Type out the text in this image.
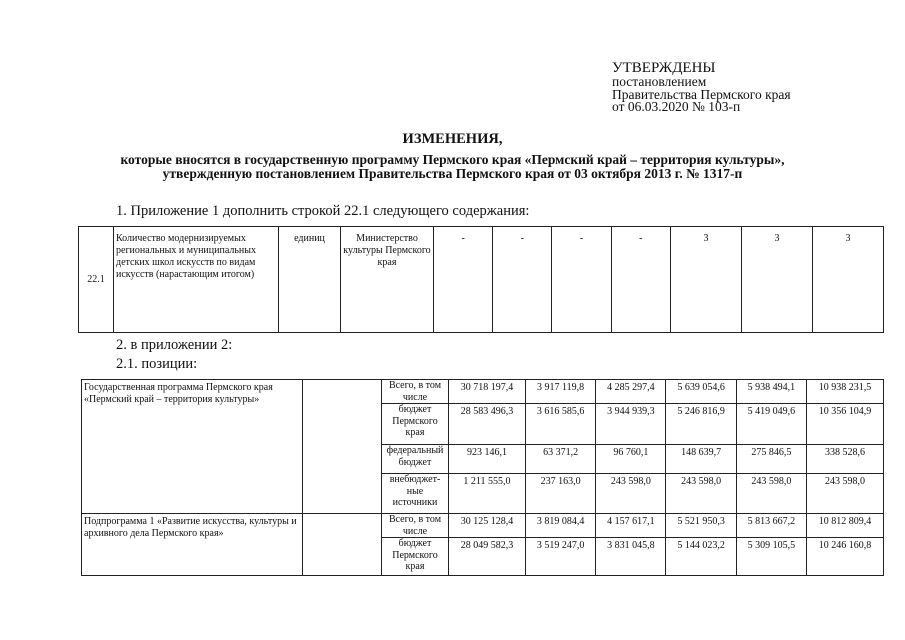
УТВЕРЖДЕНЫ
постановлением
Правительства Пермского края
от 06.03.2020 № 103-п
ИЗМЕНЕНИЯ,
которые вносятся в государственную программу Пермского края «Пермский край – территория культуры»,
утвержденную постановлением Правительства Пермского края от 03 октября 2013 г. № 1317-п
1. Приложение 1 дополнить строкой 22.1 следующего содержания:
22.1	Количество модернизируемых региональных и муниципальных детских школ искусств по видам искусств (нарастающим итогом)	единиц	Министерство культуры Пермского края	-	-	-	-	3	3	3
2. в приложении 2:
2.1. позиции:
Государственная программа Пермского края «Пермский край – территория культуры»		Всего, в том числе	30 718 197,4	3 917 119,8	4 285 297,4	5 639 054,6	5 938 494,1	10 938 231,5
		бюджет Пермского края	28 583 496,3	3 616 585,6	3 944 939,3	5 246 816,9	5 419 049,6	10 356 104,9
		федеральный бюджет	923 146,1	63 371,2	96 760,1	148 639,7	275 846,5	338 528,6
		внебюджет-ные источники	1 211 555,0	237 163,0	243 598,0	243 598,0	243 598,0	243 598,0
Подпрограмма 1 «Развитие искусства, культуры и архивного дела Пермского края»		Всего, в том числе	30 125 128,4	3 819 084,4	4 157 617,1	5 521 950,3	5 813 667,2	10 812 809,4
		бюджет Пермского края	28 049 582,3	3 519 247,0	3 831 045,8	5 144 023,2	5 309 105,5	10 246 160,8
